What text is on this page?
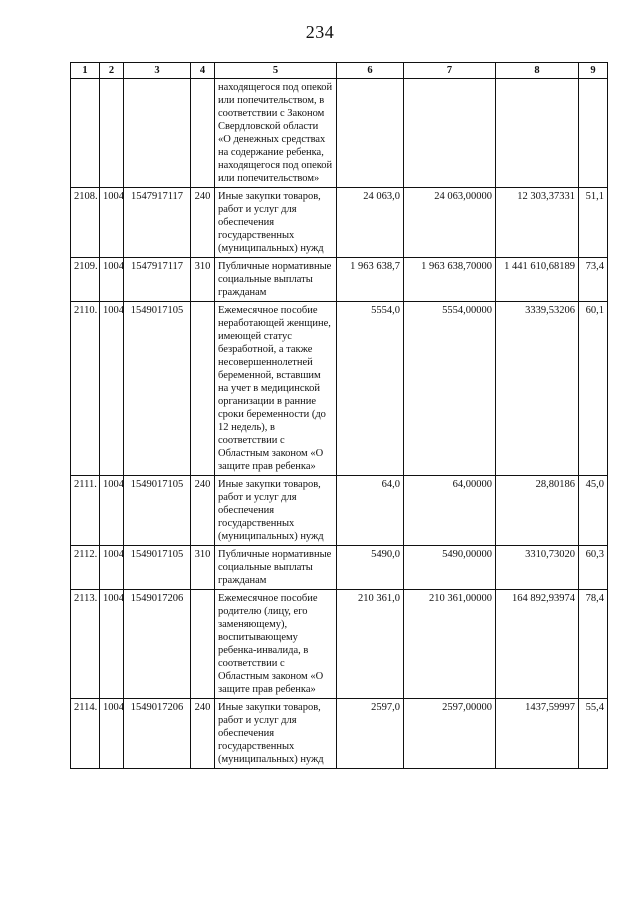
234
1	2	3	4	5	6	7	8	9
				находящегося под опекой или попечительством, в соответствии с Законом Свердловской области «О денежных средствах на содержание ребенка, находящегося под опекой или попечительством»				
2108.	1004	1547917117	240	Иные закупки товаров, работ и услуг для обеспечения государственных (муниципальных) нужд	24 063,0	24 063,00000	12 303,37331	51,1
2109.	1004	1547917117	310	Публичные нормативные социальные выплаты гражданам	1 963 638,7	1 963 638,70000	1 441 610,68189	73,4
2110.	1004	1549017105		Ежемесячное пособие неработающей женщине, имеющей статус безработной, а также несовершеннолетней беременной, вставшим на учет в медицинской организации в ранние сроки беременности (до 12 недель), в соответствии с Областным законом «О защите прав ребенка»	5554,0	5554,00000	3339,53206	60,1
2111.	1004	1549017105	240	Иные закупки товаров, работ и услуг для обеспечения государственных (муниципальных) нужд	64,0	64,00000	28,80186	45,0
2112.	1004	1549017105	310	Публичные нормативные социальные выплаты гражданам	5490,0	5490,00000	3310,73020	60,3
2113.	1004	1549017206		Ежемесячное пособие родителю (лицу, его заменяющему), воспитывающему ребенка-инвалида, в соответствии с Областным законом «О защите прав ребенка»	210 361,0	210 361,00000	164 892,93974	78,4
2114.	1004	1549017206	240	Иные закупки товаров, работ и услуг для обеспечения государственных (муниципальных) нужд	2597,0	2597,00000	1437,59997	55,4
